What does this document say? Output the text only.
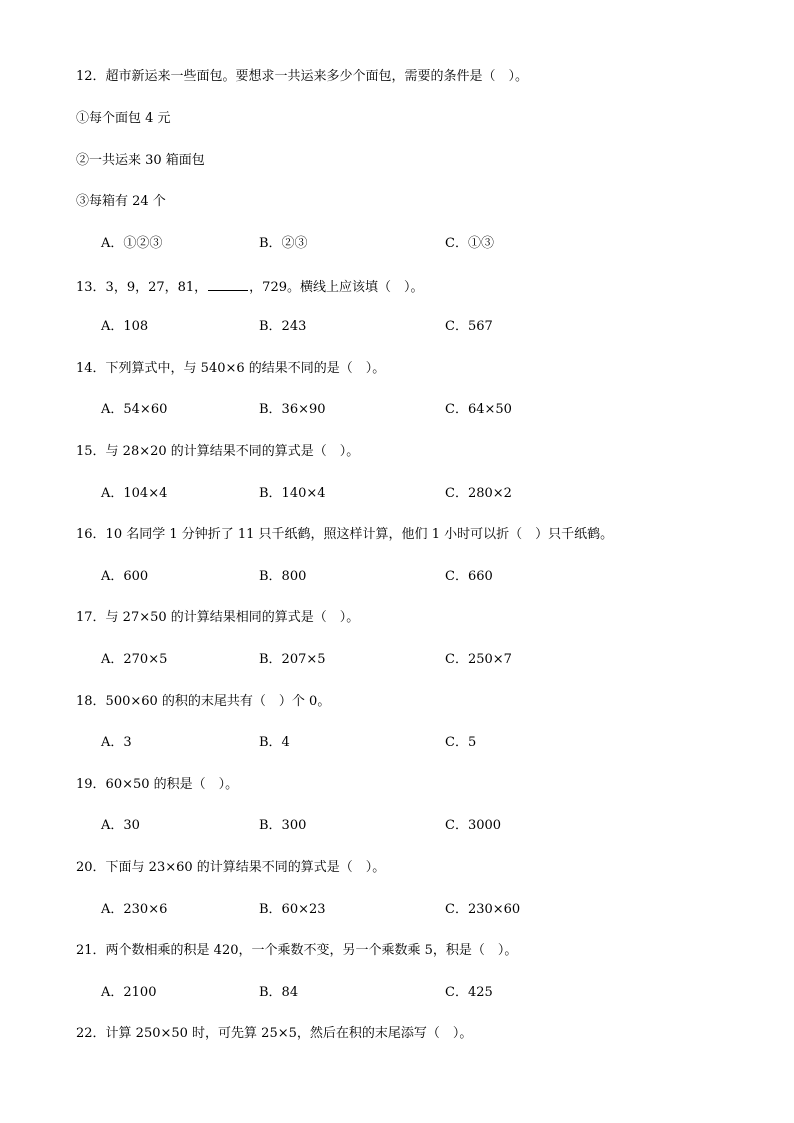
12．超市新运来一些面包。要想求一共运来多少个面包，需要的条件是（　）。
①每个面包 4 元
②一共运来 30 箱面包
③每箱有 24 个
A．①②③	B．②③	C．①③
13．3，9，27，81，	，729。横线上应该填（　）。
A．108	B．243	C．567
14．下列算式中，与 540×6 的结果不同的是（　）。
A．54×60	B．36×90	C．64×50
15．与 28×20 的计算结果不同的算式是（　）。
A．104×4	B．140×4	C．280×2
16．10 名同学 1 分钟折了 11 只千纸鹤，照这样计算，他们 1 小时可以折（　）只千纸鹤。
A．600	B．800	C．660
17．与 27×50 的计算结果相同的算式是（　）。
A．270×5	B．207×5	C．250×7
18．500×60 的积的末尾共有（　）个 0。
A．3	B．4	C．5
19．60×50 的积是（　）。
A．30	B．300	C．3000
20．下面与 23×60 的计算结果不同的算式是（　）。
A．230×6	B．60×23	C．230×60
21．两个数相乘的积是 420，一个乘数不变，另一个乘数乘 5，积是（　）。
A．2100	B．84	C．425
22．计算 250×50 时，可先算 25×5，然后在积的末尾添写（　）。
